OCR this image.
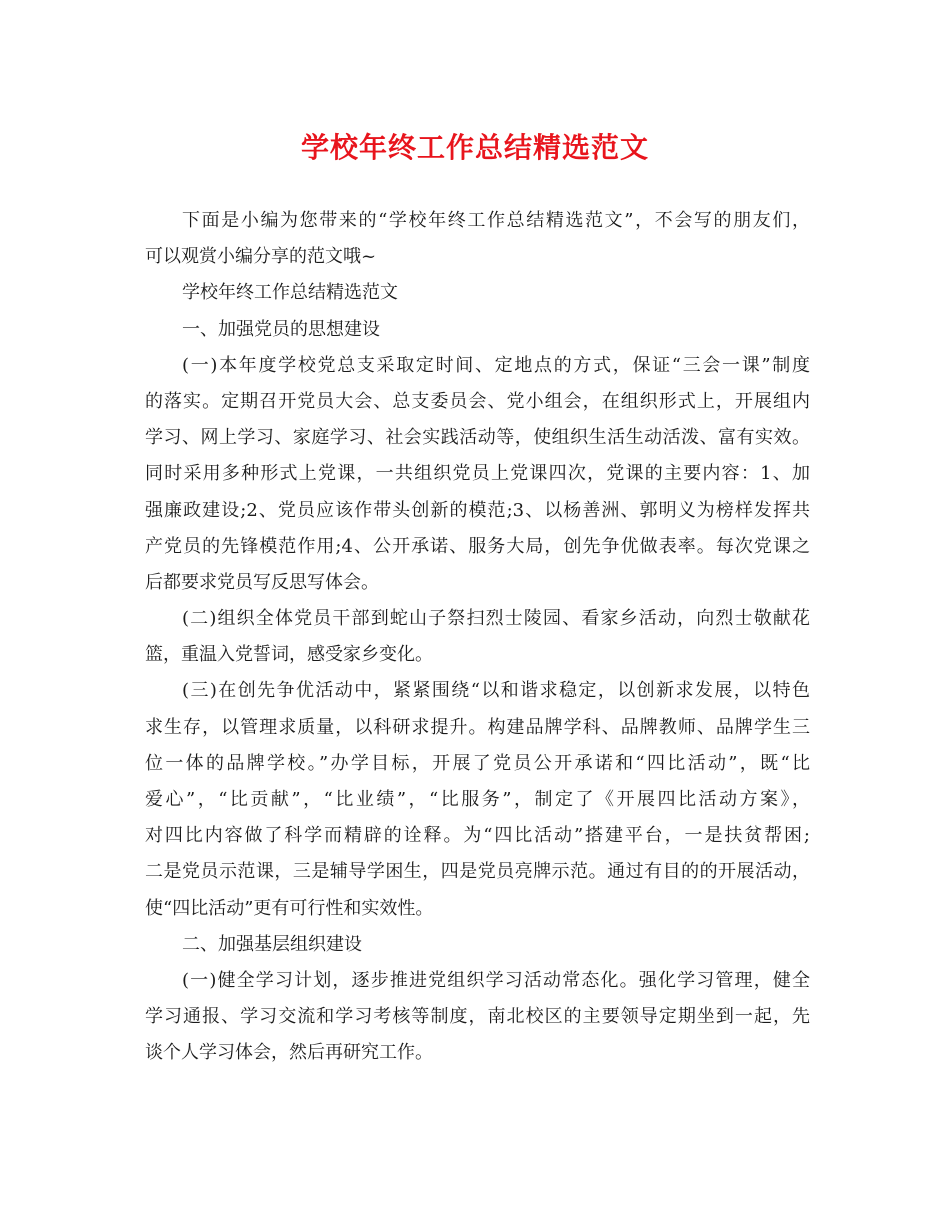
学校年终工作总结精选范文
下面是小编为您带来的“学校年终工作总结精选范文”，不会写的朋友们，
可以观赏小编分享的范文哦~
学校年终工作总结精选范文
一、加强党员的思想建设
(一)本年度学校党总支采取定时间、定地点的方式，保证“三会一课”制度
的落实。定期召开党员大会、总支委员会、党小组会，在组织形式上，开展组内
学习、网上学习、家庭学习、社会实践活动等，使组织生活生动活泼、富有实效。
同时采用多种形式上党课，一共组织党员上党课四次，党课的主要内容：1、加
强廉政建设;2、党员应该作带头创新的模范;3、以杨善洲、郭明义为榜样发挥共
产党员的先锋模范作用;4、公开承诺、服务大局，创先争优做表率。每次党课之
后都要求党员写反思写体会。
(二)组织全体党员干部到蛇山子祭扫烈士陵园、看家乡活动，向烈士敬献花
篮，重温入党誓词，感受家乡变化。
(三)在创先争优活动中，紧紧围绕“以和谐求稳定，以创新求发展，以特色
求生存，以管理求质量，以科研求提升。构建品牌学科、品牌教师、品牌学生三
位一体的品牌学校。”办学目标，开展了党员公开承诺和“四比活动”，既“比
爱心”，“比贡献”，“比业绩”，“比服务”，制定了《开展四比活动方案》，
对四比内容做了科学而精辟的诠释。为“四比活动”搭建平台，一是扶贫帮困;
二是党员示范课，三是辅导学困生，四是党员亮牌示范。通过有目的的开展活动，
使“四比活动”更有可行性和实效性。
二、加强基层组织建设
(一)健全学习计划，逐步推进党组织学习活动常态化。强化学习管理，健全
学习通报、学习交流和学习考核等制度，南北校区的主要领导定期坐到一起，先
谈个人学习体会，然后再研究工作。
